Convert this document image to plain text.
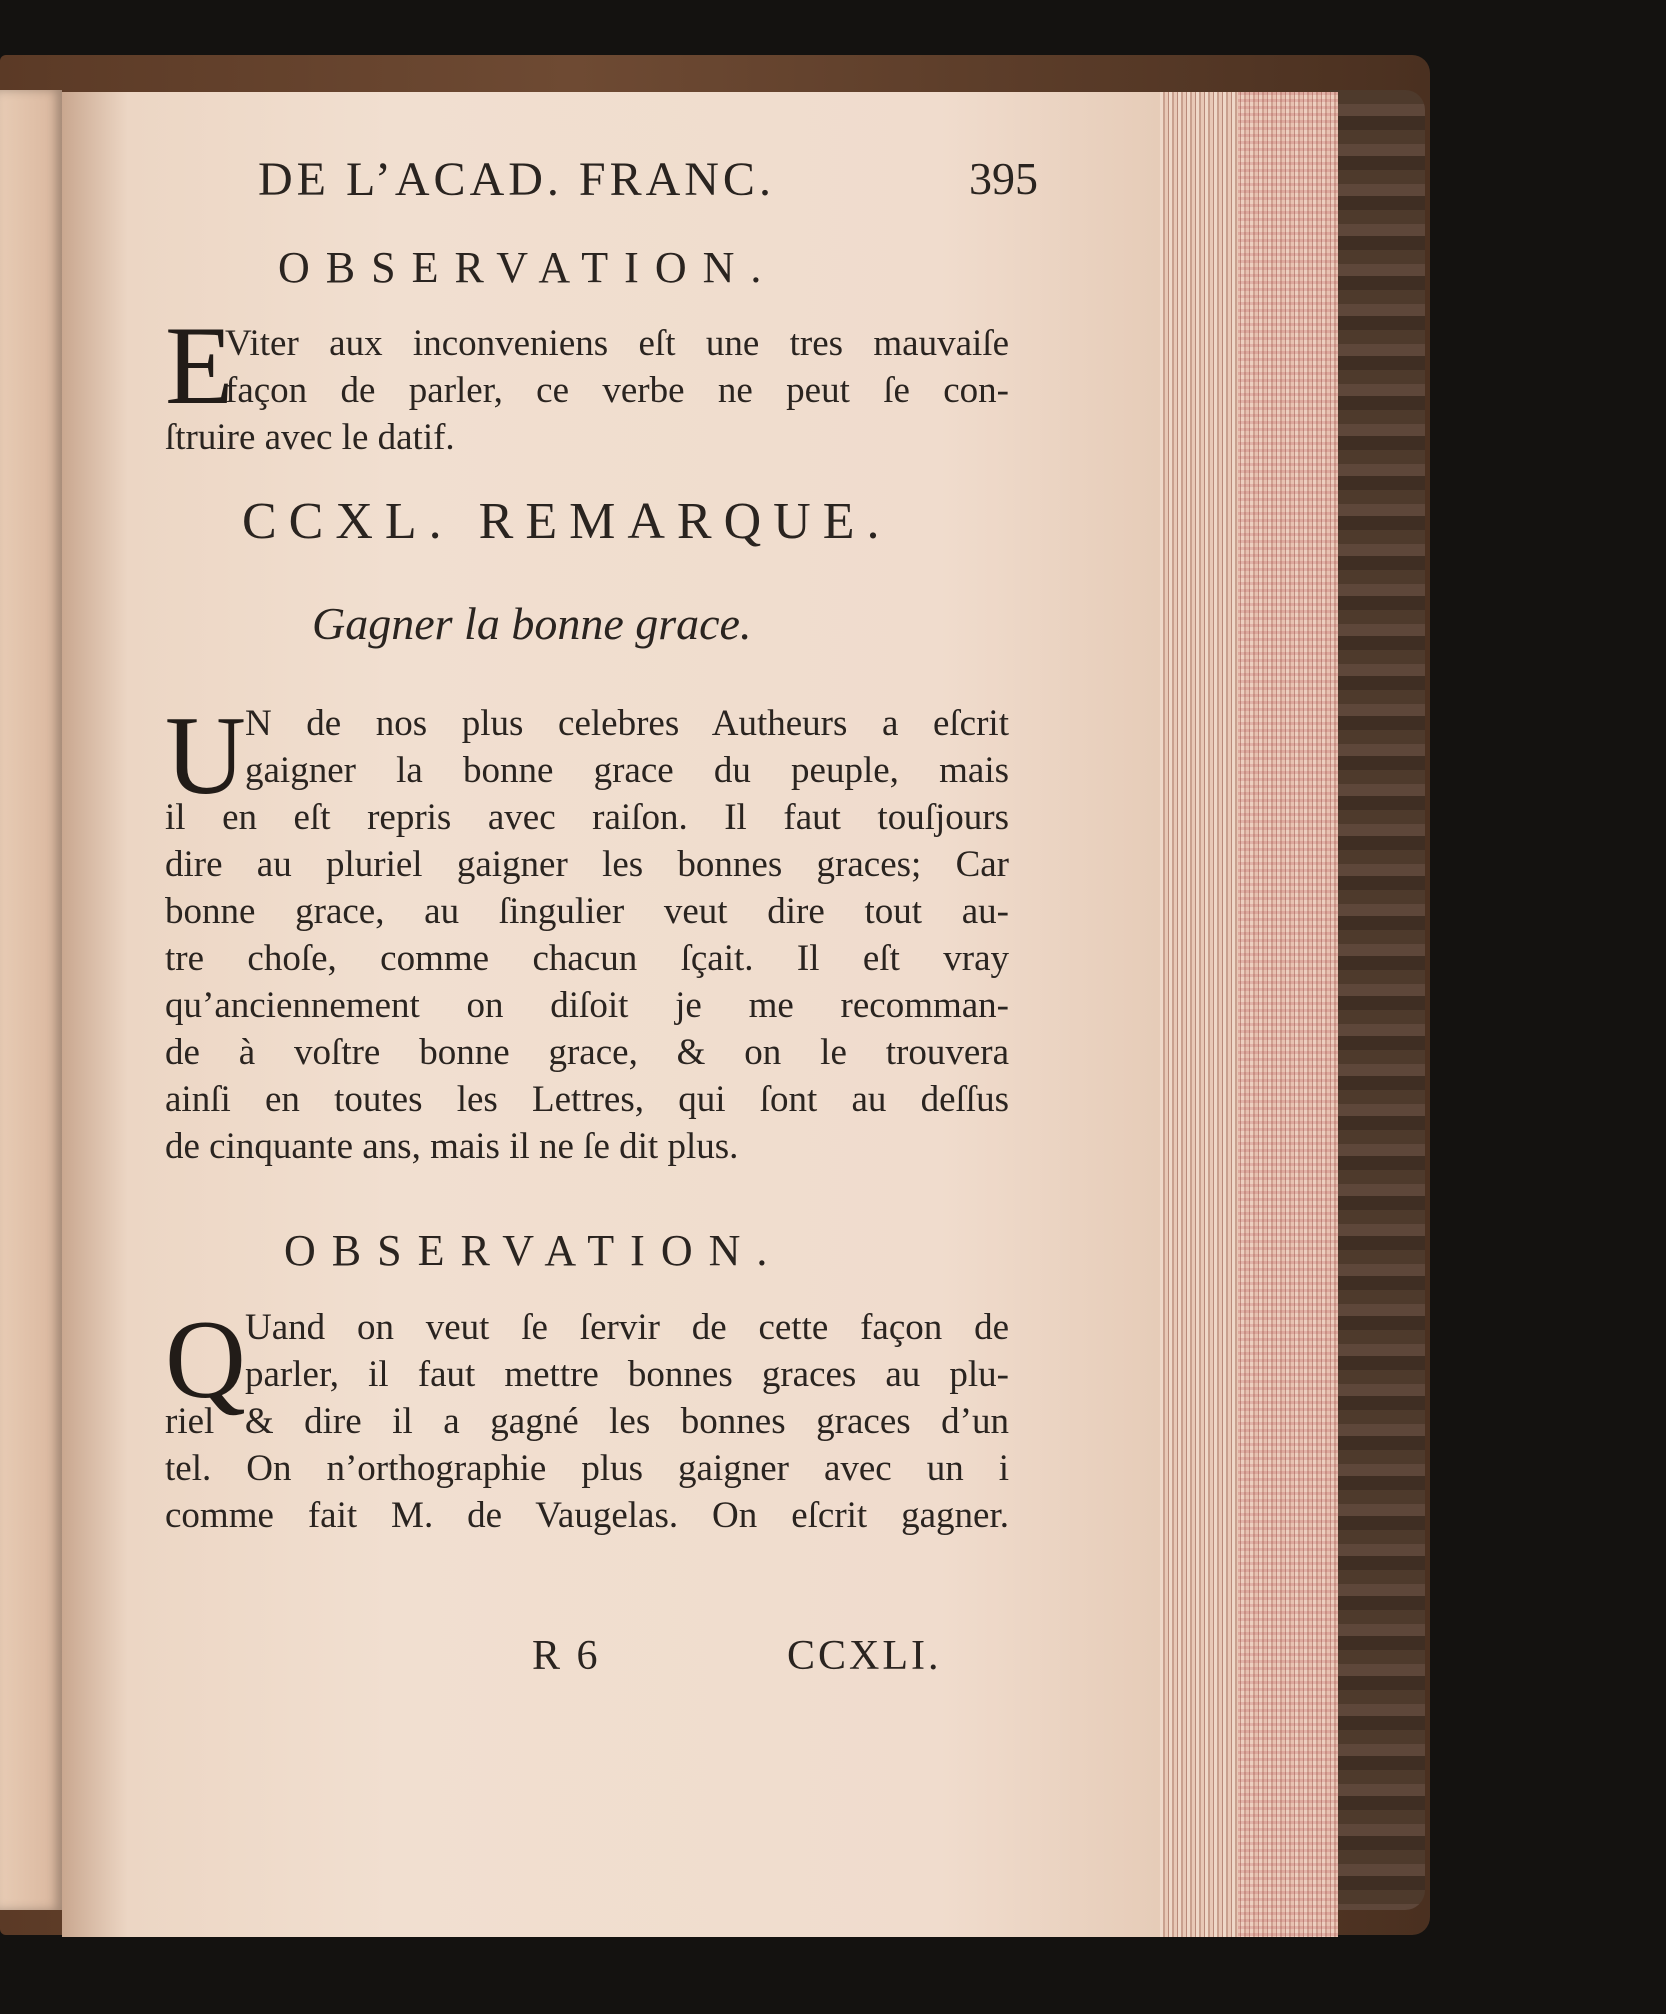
DE L’ACAD. FRANC.	395
OBSERVATION.
E
Viter aux inconveniens eſt une tres mauvaiſe
façon de parler, ce verbe ne peut ſe con-
ſtruire avec le datif.
CCXL. REMARQUE.
Gagner la bonne grace.
U N de nos plus celebres Autheurs a eſcrit
gaigner la bonne grace du peuple, mais
il en eſt repris avec raiſon. Il faut touſjours
dire au pluriel gaigner les bonnes graces; Car
bonne grace, au ſingulier veut dire tout au-
tre choſe, comme chacun ſçait. Il eſt vray
qu’anciennement on diſoit je me recomman-
de à voſtre bonne grace, & on le trouvera
ainſi en toutes les Lettres, qui ſont au deſſus
de cinquante ans, mais il ne ſe dit plus.
OBSERVATION.
Q Uand on veut ſe ſervir de cette façon de
parler, il faut mettre bonnes graces au plu-
riel & dire il a gagné les bonnes graces d’un
tel. On n’orthographie plus gaigner avec un i
comme fait M. de Vaugelas. On eſcrit gagner.
R 6	CCXLI.
